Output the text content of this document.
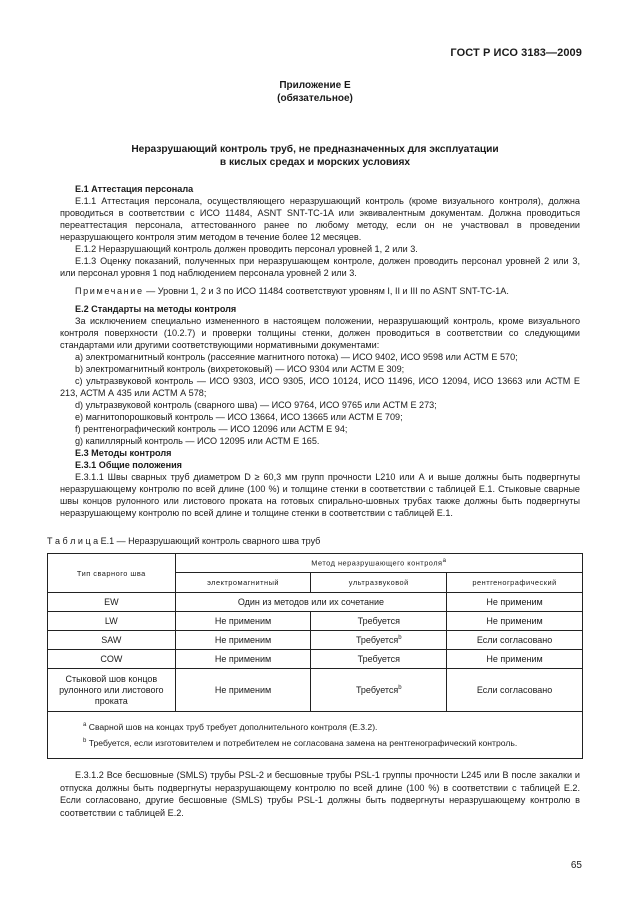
ГОСТ Р ИСО 3183—2009
Приложение Е
(обязательное)
Неразрушающий контроль труб, не предназначенных для эксплуатации
в кислых средах и морских условиях

Е.1 Аттестация персонала

Е.1.1 Аттестация персонала, осуществляющего неразрушающий контроль (кроме визуального контроля), должна проводиться в соответствии с ИСО 11484, ASNT SNT-TC-1A или эквивалентным документам. Должна проводиться переаттестация персонала, аттестованного ранее по любому методу, если он не участвовал в проведении неразрушающего контроля этим методом в течение более 12 месяцев.

Е.1.2 Неразрушающий контроль должен проводить персонал уровней 1, 2 или 3.

Е.1.3 Оценку показаний, полученных при неразрушающем контроле, должен проводить персонал уровней 2 или 3, или персонал уровня 1 под наблюдением персонала уровней 2 или 3.

Примечание — Уровни 1, 2 и 3 по ИСО 11484 соответствуют уровням I, II и III по ASNT SNT-TC-1A.

Е.2 Стандарты на методы контроля

За исключением специально измененного в настоящем положении, неразрушающий контроль, кроме визуального контроля поверхности (10.2.7) и проверки толщины стенки, должен проводиться в соответствии со следующими стандартами или другими соответствующими нормативными документами:

a) электромагнитный контроль (рассеяние магнитного потока) — ИСО 9402, ИСО 9598 или АСТМ Е 570;

b) электромагнитный контроль (вихретоковый) — ИСО 9304 или АСТМ Е 309;

c) ультразвуковой контроль — ИСО 9303, ИСО 9305, ИСО 10124, ИСО 11496, ИСО 12094, ИСО 13663 или АСТМ Е 213, АСТМ А 435 или АСТМ А 578;

d) ультразвуковой контроль (сварного шва) — ИСО 9764, ИСО 9765 или АСТМ Е 273;

e) магнитопорошковый контроль — ИСО 13664, ИСО 13665 или АСТМ Е 709;

f) рентгенографический контроль — ИСО 12096 или АСТМ Е 94;

g) капиллярный контроль — ИСО 12095 или АСТМ Е 165.

Е.3 Методы контроля

Е.3.1 Общие положения

Е.3.1.1 Швы сварных труб диаметром D ≥ 60,3 мм групп прочности L210 или А и выше должны быть подвергнуты неразрушающему контролю по всей длине (100 %) и толщине стенки в соответствии с таблицей Е.1. Стыковые сварные швы концов рулонного или листового проката на готовых спирально-шовных трубах также должны быть подвергнуты неразрушающему контролю по всей длине и толщине стенки в соответствии с таблицей Е.1.

Т а б л и ц а Е.1 — Неразрушающий контроль сварного шва труб
Тип сварного шва	Метод неразрушающего контроля$^a$
	электромагнитный	ультразвуковой	рентгенографический
EW	Один из методов или их сочетание		Не применим
LW	Не применим	Требуется	Не применим
SAW	Не применим	Требуется$^b$	Если согласовано
COW	Не применим	Требуется	Не применим
Стыковой шов концов рулонного или листового проката	Не применим	Требуется$^b$	Если согласовано

$^a$ Сварной шов на концах труб требует дополнительного контроля (Е.3.2).
$^b$ Требуется, если изготовителем и потребителем не согласована замена на рентгенографический контроль.			

Е.3.1.2 Все бесшовные (SMLS) трубы PSL-2 и бесшовные трубы PSL-1 группы прочности L245 или В после закалки и отпуска должны быть подвергнуты неразрушающему контролю по всей длине (100 %) в соответствии с таблицей Е.2. Если согласовано, другие бесшовные (SMLS) трубы PSL-1 должны быть подвергнуты неразрушающему контролю в соответствии с таблицей Е.2.

65
